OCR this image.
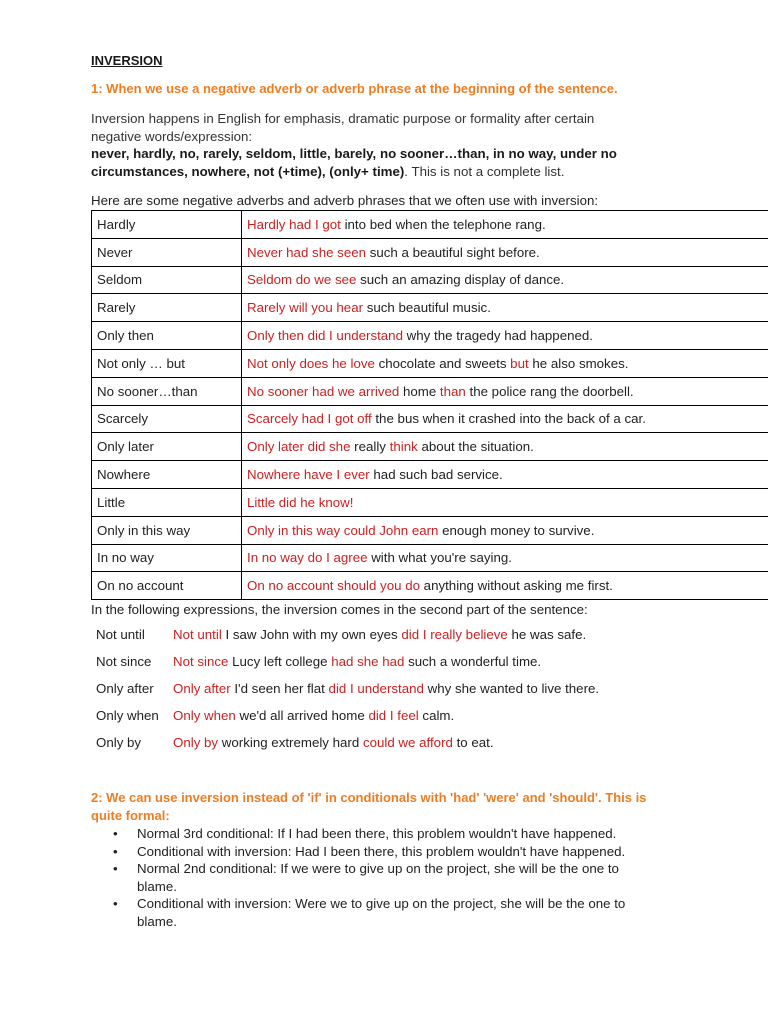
INVERSION

1: When we use a negative adverb or adverb phrase at the beginning of the sentence.

Inversion happens in English for emphasis, dramatic purpose or formality after certain
negative words/expression:
never, hardly, no, rarely, seldom, little, barely, no sooner…than, in no way, under no
circumstances, nowhere, not (+time), (only+ time). This is not a complete list.
Here are some negative adverbs and adverb phrases that we often use with inversion:
Hardly	Hardly had I got into bed when the telephone rang.
Never	Never had she seen such a beautiful sight before.
Seldom	Seldom do we see such an amazing display of dance.
Rarely	Rarely will you hear such beautiful music.
Only then	Only then did I understand why the tragedy had happened.
Not only … but	Not only does he love chocolate and sweets but he also smokes.
No sooner…than	No sooner had we arrived home than the police rang the doorbell.
Scarcely	Scarcely had I got off the bus when it crashed into the back of a car.
Only later	Only later did she really think about the situation.
Nowhere	Nowhere have I ever had such bad service.
Little	Little did he know!
Only in this way	Only in this way could John earn enough money to survive.
In no way	In no way do I agree with what you're saying.
On no account	On no account should you do anything without asking me first.
In the following expressions, the inversion comes in the second part of the sentence:
Not until	Not until I saw John with my own eyes did I really believe he was safe.
Not since	Not since Lucy left college had she had such a wonderful time.
Only after	Only after I'd seen her flat did I understand why she wanted to live there.
Only when	Only when we'd all arrived home did I feel calm.
Only by	Only by working extremely hard could we afford to eat.

2: We can use inversion instead of 'if' in conditionals with 'had' 'were' and 'should'. This is
quite formal:

• Normal 3rd conditional: If I had been there, this problem wouldn't have happened.
• Conditional with inversion: Had I been there, this problem wouldn't have happened.
• Normal 2nd conditional: If we were to give up on the project, she will be the one to
blame.
• Conditional with inversion: Were we to give up on the project, she will be the one to
blame.
